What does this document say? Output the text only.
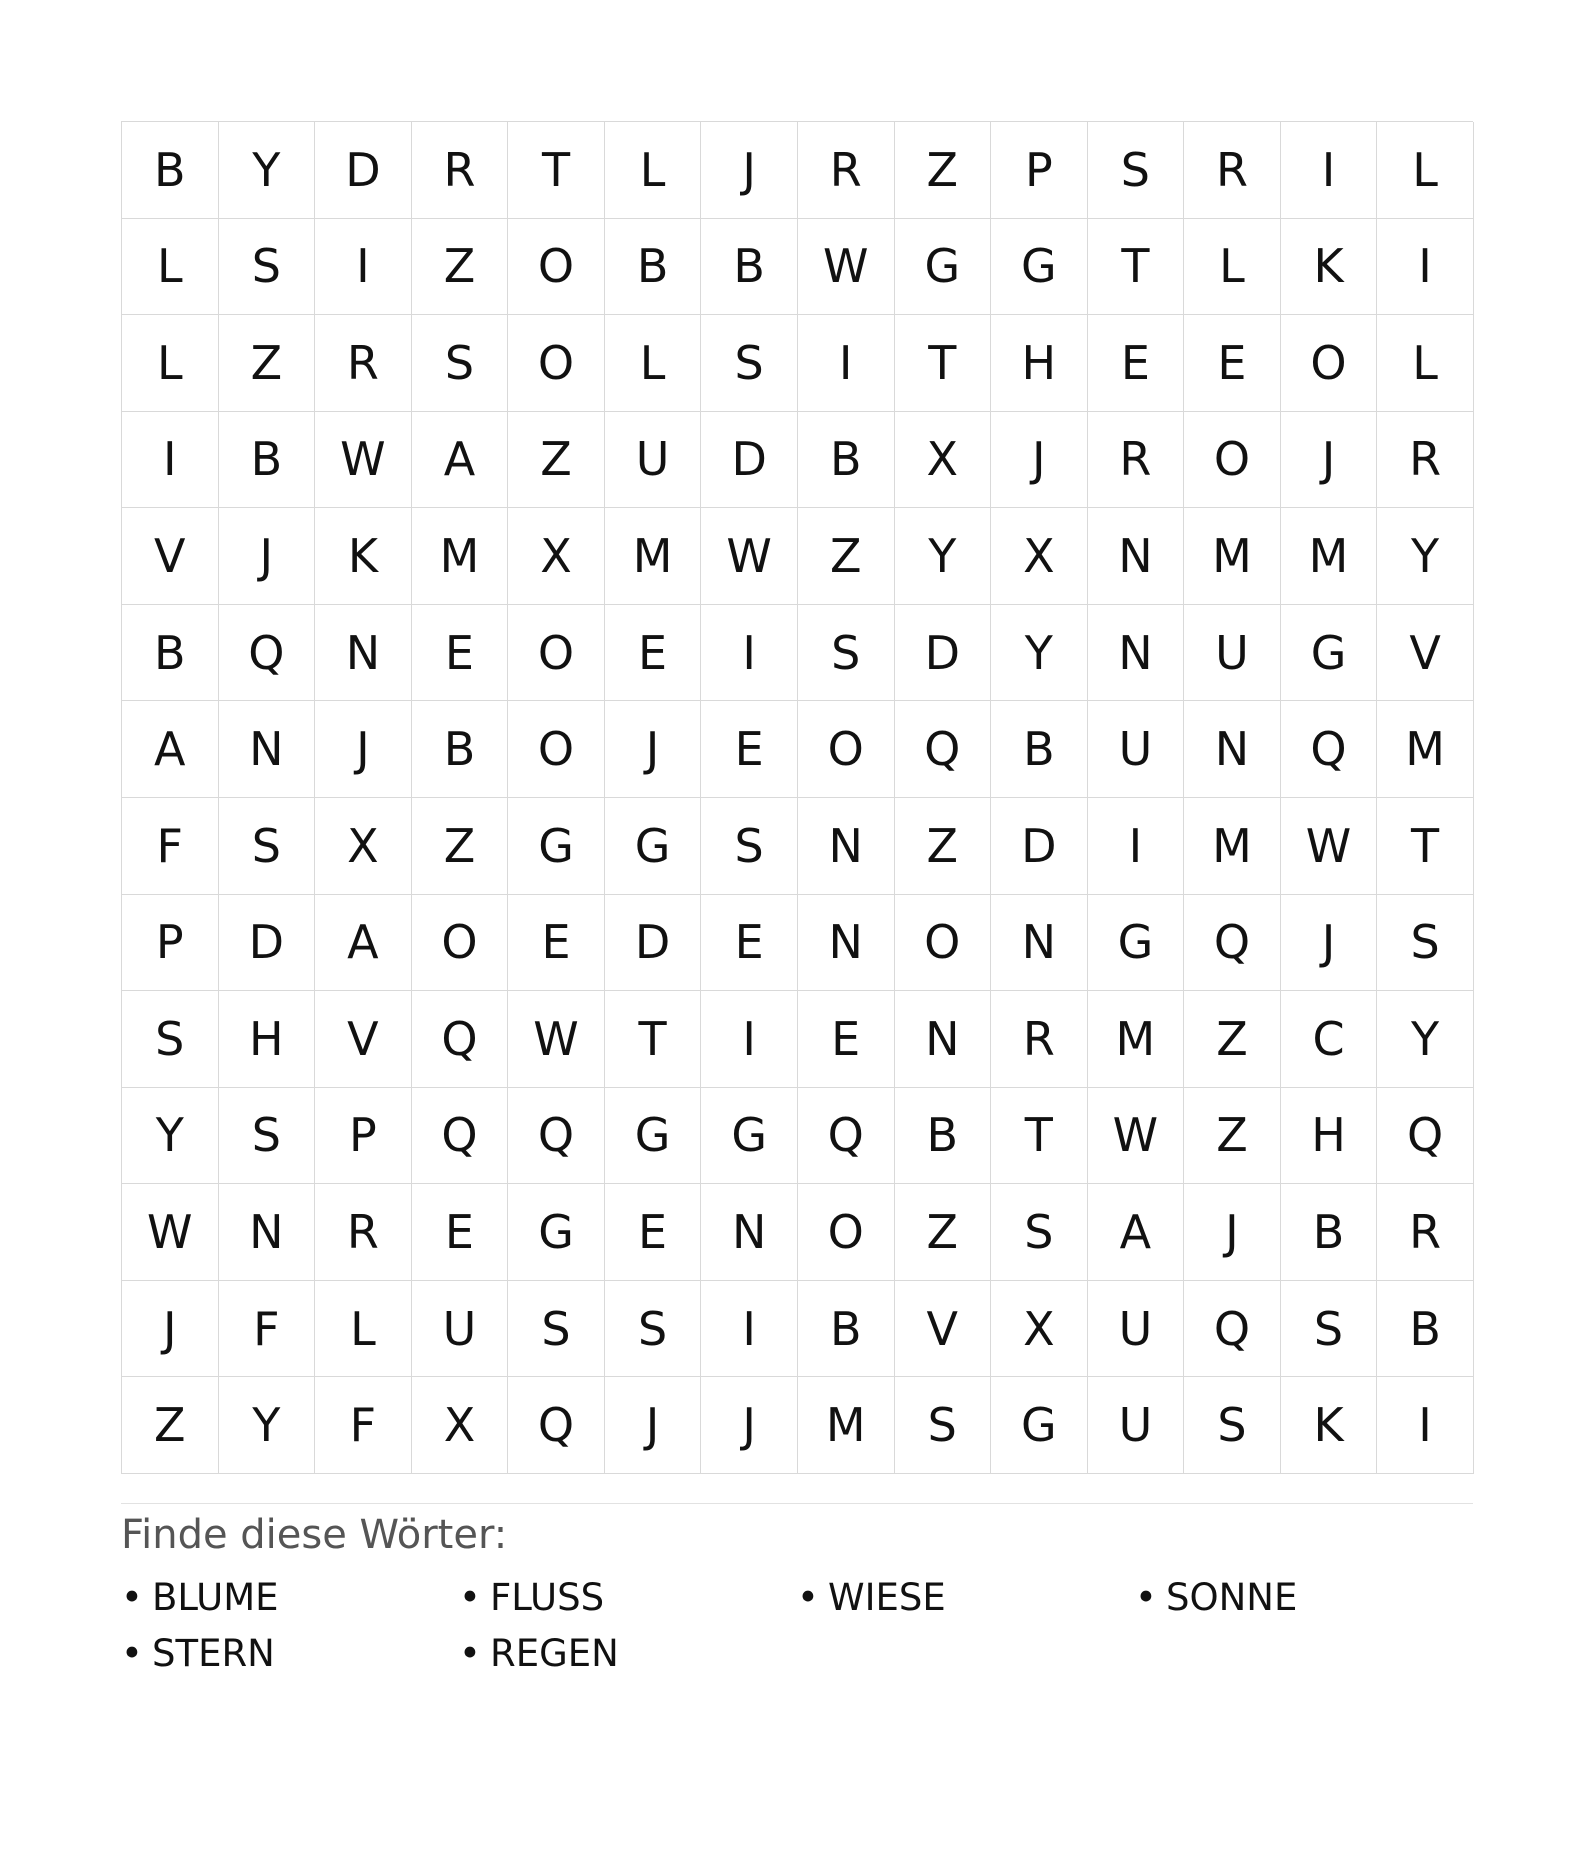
B	Y	D	R	T	L	J	R	Z	P	S	R	I	L
L	S	I	Z	O	B	B	W	G	G	T	L	K	I
L	Z	R	S	O	L	S	I	T	H	E	E	O	L
I	B	W	A	Z	U	D	B	X	J	R	O	J	R
V	J	K	M	X	M	W	Z	Y	X	N	M	M	Y
B	Q	N	E	O	E	I	S	D	Y	N	U	G	V
A	N	J	B	O	J	E	O	Q	B	U	N	Q	M
F	S	X	Z	G	G	S	N	Z	D	I	M	W	T
P	D	A	O	E	D	E	N	O	N	G	Q	J	S
S	H	V	Q	W	T	I	E	N	R	M	Z	C	Y
Y	S	P	Q	Q	G	G	Q	B	T	W	Z	H	Q
W	N	R	E	G	E	N	O	Z	S	A	J	B	R
J	F	L	U	S	S	I	B	V	X	U	Q	S	B
Z	Y	F	X	Q	J	J	M	S	G	U	S	K	I
Finde diese Wörter:
• BLUME	• FLUSS	• WIESE	• SONNE
• STERN	• REGEN
